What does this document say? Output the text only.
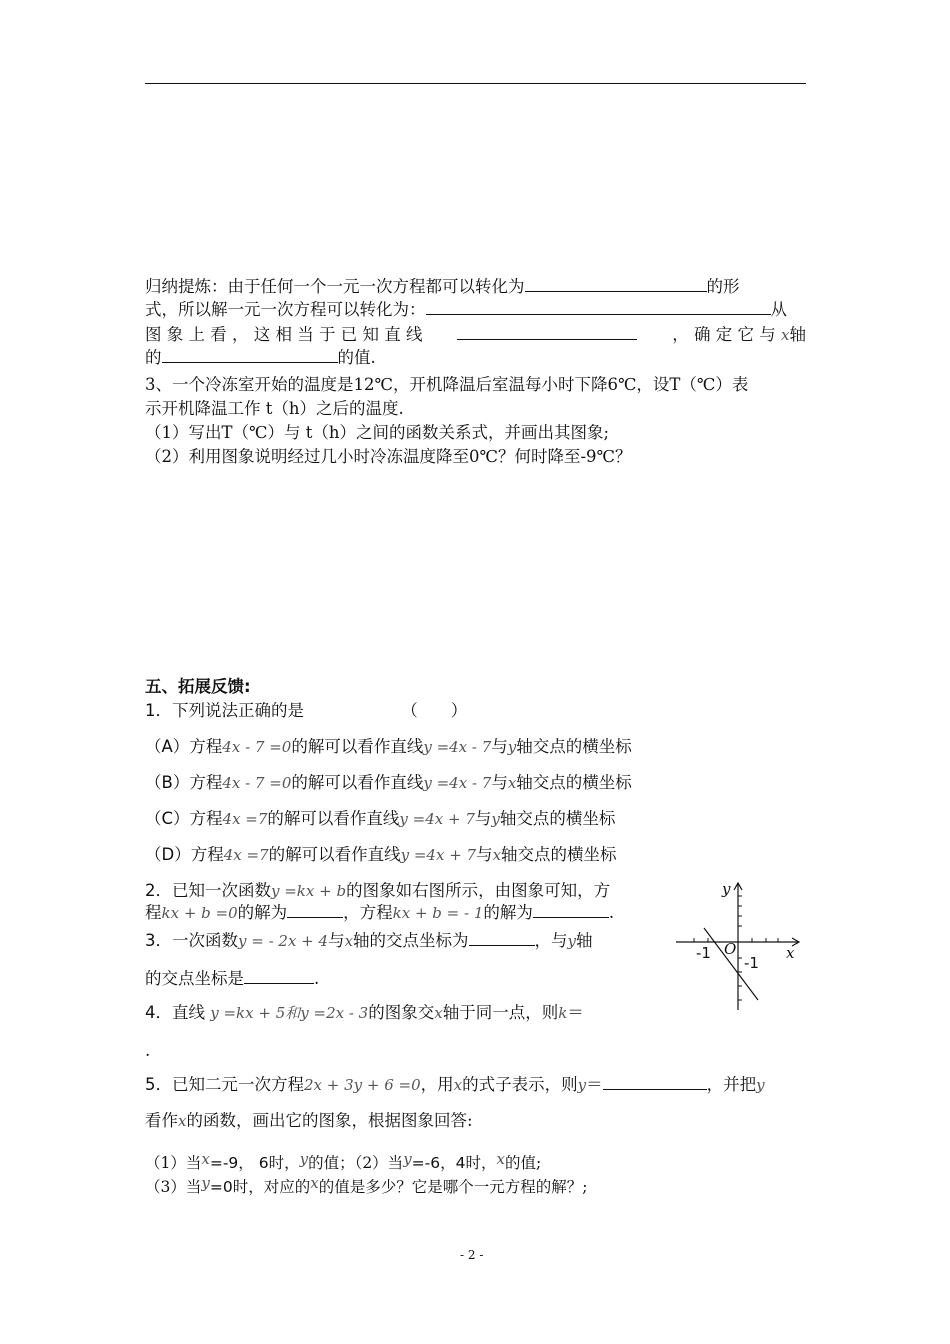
归纳提炼：由于任何一个一元一次方程都可以转化为	的形
式，所以解一元一次方程可以转化为：	从
图 象 上 看 ， 这 相 当 于 已 知 直 线	， 确 定 它 与 x轴
的	的值.
3、一个冷冻室开始的温度是12℃，开机降温后室温每小时下降6℃，设T（℃）表
示开机降温工作 t（h）之后的温度.
（1）写出T（℃）与 t（h）之间的函数关系式，并画出其图象;
（2）利用图象说明经过几小时冷冻温度降至0℃？何时降至-9℃？
五、拓展反馈:
1．下列说法正确的是	（　　）
（A）方程4x - 7 =0的解可以看作直线y =4x - 7与y轴交点的横坐标
（B）方程4x - 7 =0的解可以看作直线y =4x - 7与x轴交点的横坐标
（C）方程4x =7的解可以看作直线y =4x + 7与y轴交点的横坐标
（D）方程4x =7的解可以看作直线y =4x + 7与x轴交点的横坐标
2．已知一次函数y =kx + b的图象如右图所示，由图象可知，方
程kx + b =0的解为	，方程kx + b = - 1的解为	.
3．一次函数y = - 2x + 4与x轴的交点坐标为	，与y轴
的交点坐标是	.
4．直线 y =kx + 5和y =2x - 3的图象交x轴于同一点，则k＝
.
5．已知二元一次方程2x + 3y + 6 =0，用x的式子表示，则y＝	，并把y
看作x的函数，画出它的图象，根据图象回答:
（1）当x=-9， 6时，y的值；（2）当y=-6，4时，x的值;
（3）当y=0时，对应的x的值是多少？它是哪个一元方程的解？;
y
x
-1 O
-1
- 2 -
